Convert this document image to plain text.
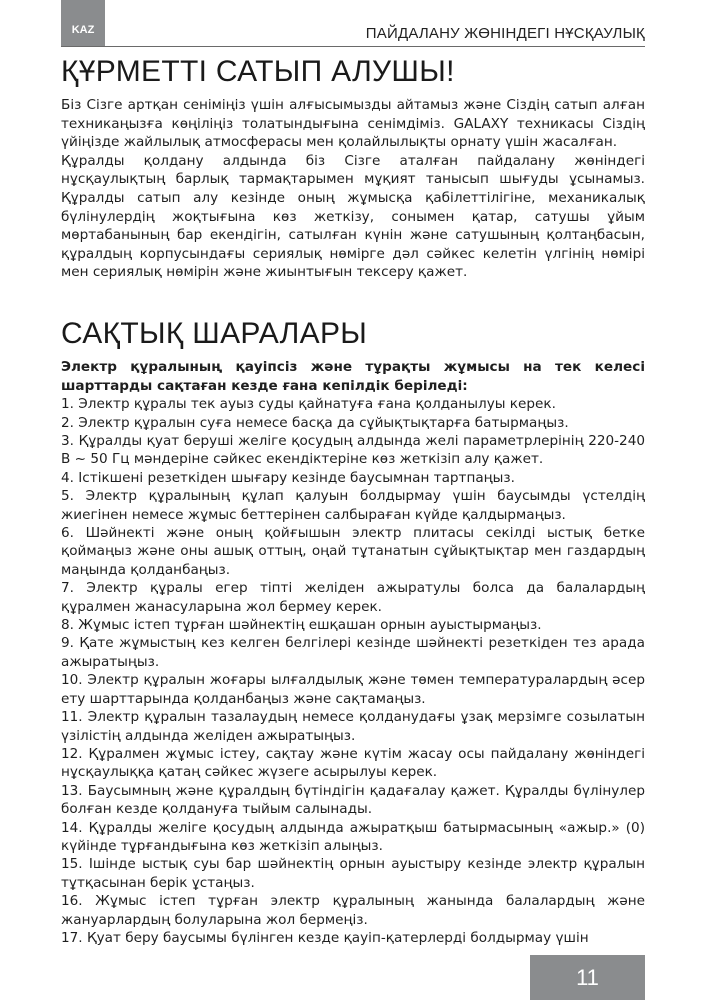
KAZ	ПАЙДАЛАНУ ЖӨНІНДЕГІ НҰСҚАУЛЫҚ
ҚҰРМЕТТІ САТЫП АЛУШЫ!

Біз Сізге артқан сеніміңіз үшін алғысымызды айтамыз және Сіздің сатып алған техникаңызға көңіліңіз толатындығына сенімдіміз. GALAXY техникасы Сіздің үйіңізде жайлылық атмосферасы мен қолайлылықты орнату үшін жасалған.

Құралды қолдану алдында біз Сізге аталған пайдалану жөніндегі нұсқаулықтың барлық тармақтарымен мұқият танысып шығуды ұсынамыз. Құралды сатып алу кезінде оның жұмысқа қабілеттілігіне, механикалық бүлінулердің жоқтығына көз жеткізу, сонымен қатар, сатушы ұйым мөртабанының бар екендігін, сатылған күнін және сатушының қолтаңбасын, құралдың корпусындағы сериялық нөмірге дәл сәйкес келетін үлгінің нөмірі мен сериялық нөмірін және жиынтығын тексеру қажет.

САҚТЫҚ ШАРАЛАРЫ

Электр құралының қауіпсіз және тұрақты жұмысы на тек келесі шарттарды сақтаған кезде ғана кепілдік беріледі:

1. Электр құралы тек ауыз суды қайнатуға ғана қолданылуы керек.

2. Электр құралын суға немесе басқа да сұйықтықтарға батырмаңыз.

3. Құралды қуат беруші желіге қосудың алдында желі параметрлерінің 220-240 В ~ 50 Гц мәндеріне сәйкес екендіктеріне көз жеткізіп алу қажет.

4. Істікшені резеткіден шығару кезінде баусымнан тартпаңыз.

5. Электр құралының құлап қалуын болдырмау үшін баусымды үстелдің жиегінен немесе жұмыс беттерінен салбыраған күйде қалдырмаңыз.

6. Шәйнекті және оның қойғышын электр плитасы секілді ыстық бетке қоймаңыз және оны ашық оттың, оңай тұтанатын сұйықтықтар мен газдардың маңында қолданбаңыз.

7. Электр құралы егер тіпті желіден ажыратулы болса да балалардың құралмен жанасуларына жол бермеу керек.

8. Жұмыс істеп тұрған шәйнектің ешқашан орнын ауыстырмаңыз.

9. Қате жұмыстың кез келген белгілері кезінде шәйнекті резеткіден тез арада ажыратыңыз.

10. Электр құралын жоғары ылғалдылық және төмен температуралардың әсер ету шарттарында қолданбаңыз және сақтамаңыз.

11. Электр құралын тазалаудың немесе қолданудағы ұзақ мерзімге созылатын үзілістің алдында желіден ажыратыңыз.

12. Құралмен жұмыс істеу, сақтау және күтім жасау осы пайдалану жөніндегі нұсқаулыққа қатаң сәйкес жүзеге асырылуы керек.

13. Баусымның және құралдың бүтіндігін қадағалау қажет. Құралды бүлінулер болған кезде қолдануға тыйым салынады.

14. Құралды желіге қосудың алдында ажыратқыш батырмасының «ажыр.» (0) күйінде тұрғандығына көз жеткізіп алыңыз.

15. Ішінде ыстық суы бар шәйнектің орнын ауыстыру кезінде электр құралын тұтқасынан берік ұстаңыз.

16. Жұмыс істеп тұрған электр құралының жанында балалардың және жануарлардың болуларына жол бермеңіз.

17. Қуат беру баусымы бүлінген кезде қауіп-қатерлерді болдырмау үшін

11
